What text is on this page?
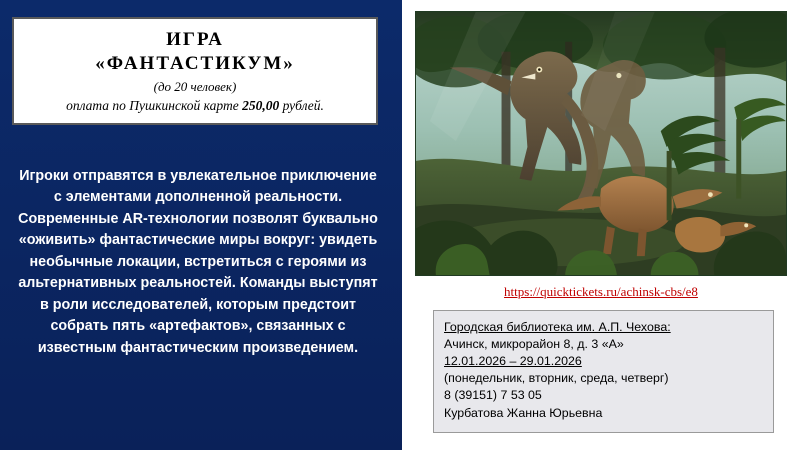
ИГРА
«ФАНТАСТИКУМ»
(до 20 человек)
оплата по Пушкинской карте 250,00 рублей.
Игроки отправятся в увлекательное приключение с элементами дополненной реальности. Современные AR-технологии позволят буквально «оживить» фантастические миры вокруг: увидеть необычные локации, встретиться с героями из альтернативных реальностей. Команды выступят в роли исследователей, которым предстоит собрать пять «артефактов», связанных с известным фантастическим произведением.
https://quicktickets.ru/achinsk-cbs/e8
Городская библиотека им. А.П. Чехова:
Ачинск, микрорайон 8, д. 3 «А»
12.01.2026 – 29.01.2026
(понедельник, вторник, среда, четверг)
8 (39151) 7 53 05
Курбатова Жанна Юрьевна
